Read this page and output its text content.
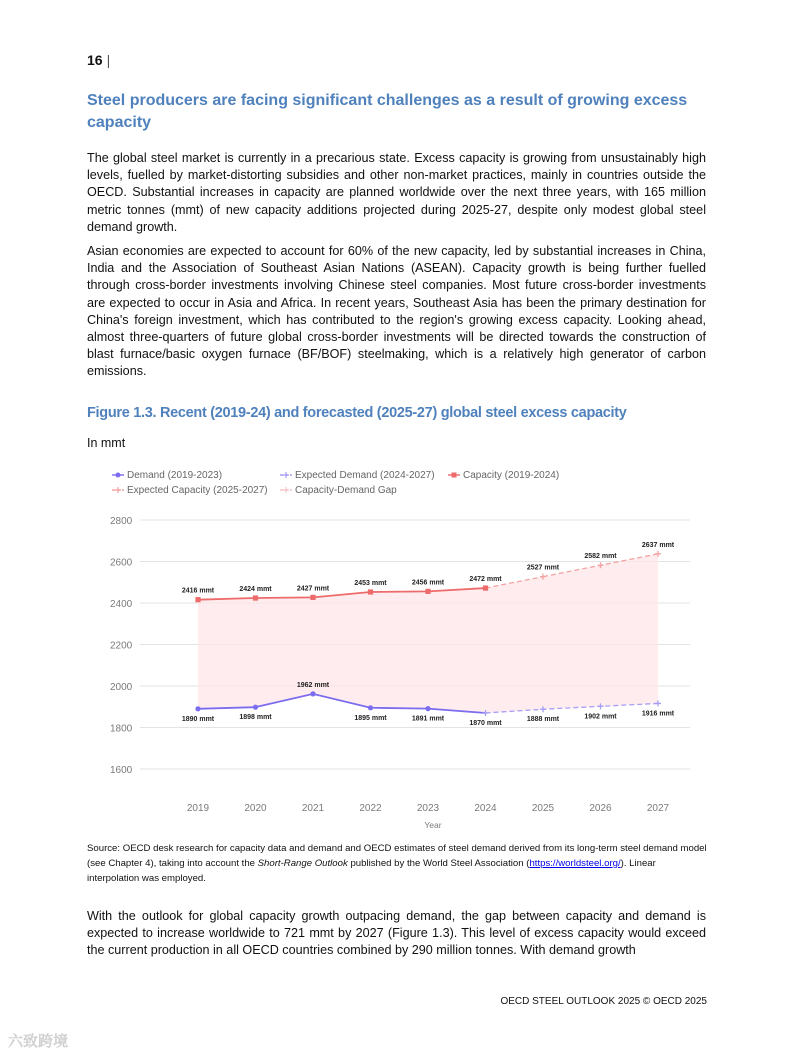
16 |
Steel producers are facing significant challenges as a result of growing excess capacity

The global steel market is currently in a precarious state. Excess capacity is growing from unsustainably high levels, fuelled by market-distorting subsidies and other non-market practices, mainly in countries outside the OECD. Substantial increases in capacity are planned worldwide over the next three years, with 165 million metric tonnes (mmt) of new capacity additions projected during 2025-27, despite only modest global steel demand growth.

Asian economies are expected to account for 60% of the new capacity, led by substantial increases in China, India and the Association of Southeast Asian Nations (ASEAN). Capacity growth is being further fuelled through cross-border investments involving Chinese steel companies. Most future cross-border investments are expected to occur in Asia and Africa. In recent years, Southeast Asia has been the primary destination for China's foreign investment, which has contributed to the region's growing excess capacity. Looking ahead, almost three-quarters of future global cross-border investments will be directed towards the construction of blast furnace/basic oxygen furnace (BF/BOF) steelmaking, which is a relatively high generator of carbon emissions.

Figure 1.3. Recent (2019-24) and forecasted (2025-27) global steel excess capacity
In mmt
1600
1800
2000
2200
2400
2600
2800
2019	2020	2021	2022	2023	2024	2025	2026	2027
Year
2416 mmt	2424 mmt	2427 mmt
2453 mmt	2456 mmt	2472 mmt
2527 mmt
2582 mmt
2637 mmt
1890 mmt	1898 mmt
1962 mmt
1895 mmt	1891 mmt
1870 mmt
1888 mmt	1902 mmt	1916 mmt
Demand (2019-2023)	Expected Demand (2024-2027)	Capacity (2019-2024)
Expected Capacity (2025-2027)	Capacity-Demand Gap

Source: OECD desk research for capacity data and demand and OECD estimates of steel demand derived from its long-term steel demand model (see Chapter 4), taking into account the Short-Range Outlook published by the World Steel Association (https://worldsteel.org/). Linear interpolation was employed.

With the outlook for global capacity growth outpacing demand, the gap between capacity and demand is expected to increase worldwide to 721 mmt by 2027 (Figure 1.3). This level of excess capacity would exceed the current production in all OECD countries combined by 290 million tonnes. With demand growth

OECD STEEL OUTLOOK 2025 © OECD 2025
六致跨境
